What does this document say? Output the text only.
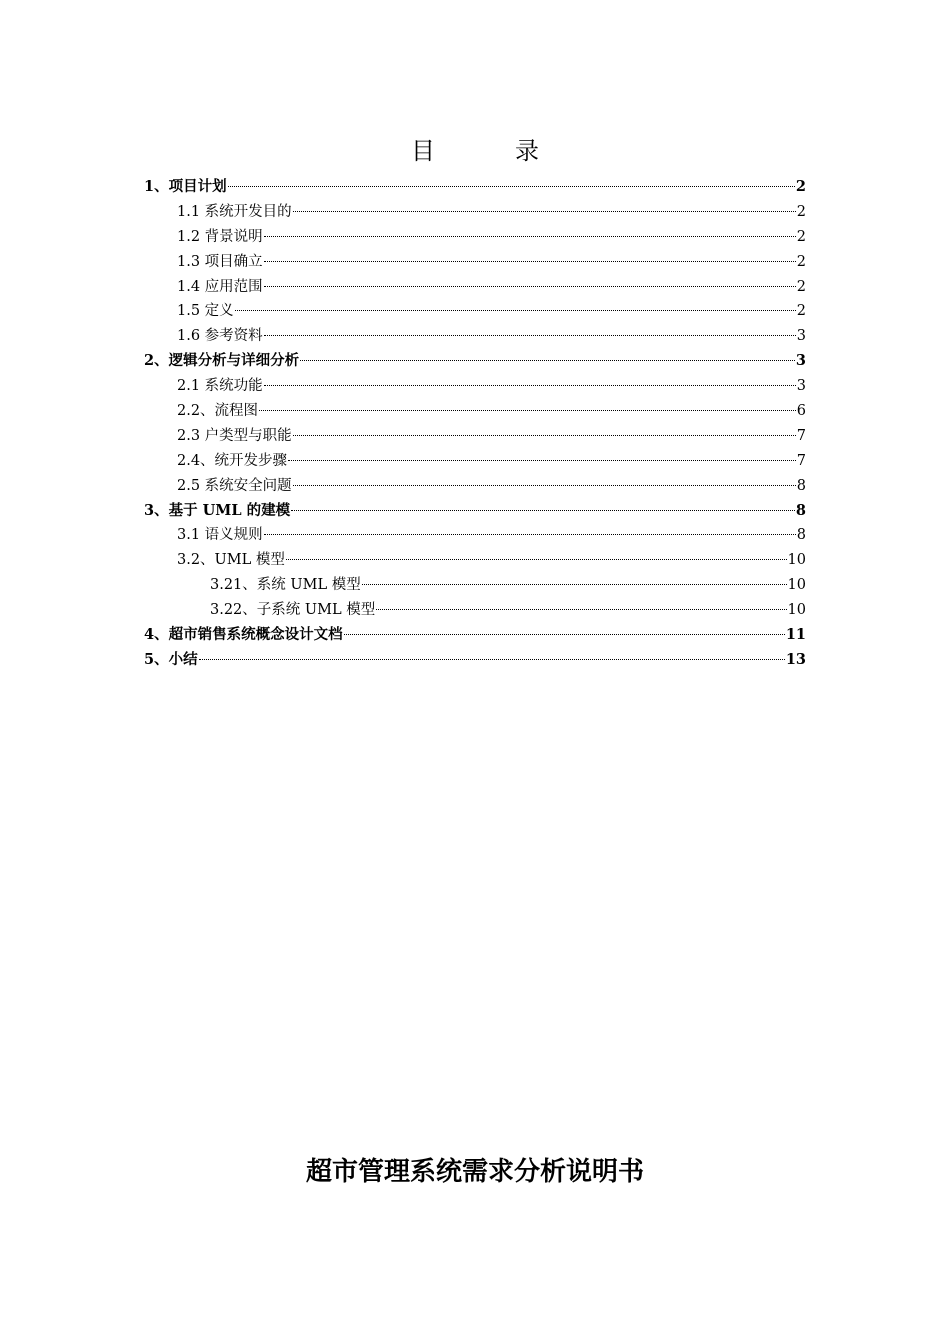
目　录
1、项目计划	2
1.1 系统开发目的	2
1.2 背景说明	2
1.3 项目确立	2
1.4 应用范围	2
1.5 定义	2
1.6 参考资料	3
2、逻辑分析与详细分析	3
2.1 系统功能	3
2.2、流程图	6
2.3 户类型与职能	7
2.4、统开发步骤	7
2.5 系统安全问题	8
3、基于 UML 的建模	8
3.1 语义规则	8
3.2、UML 模型	10
3.21、系统 UML 模型	10
3.22、子系统 UML 模型	10
4、超市销售系统概念设计文档	11
5、小结	13
超市管理系统需求分析说明书
